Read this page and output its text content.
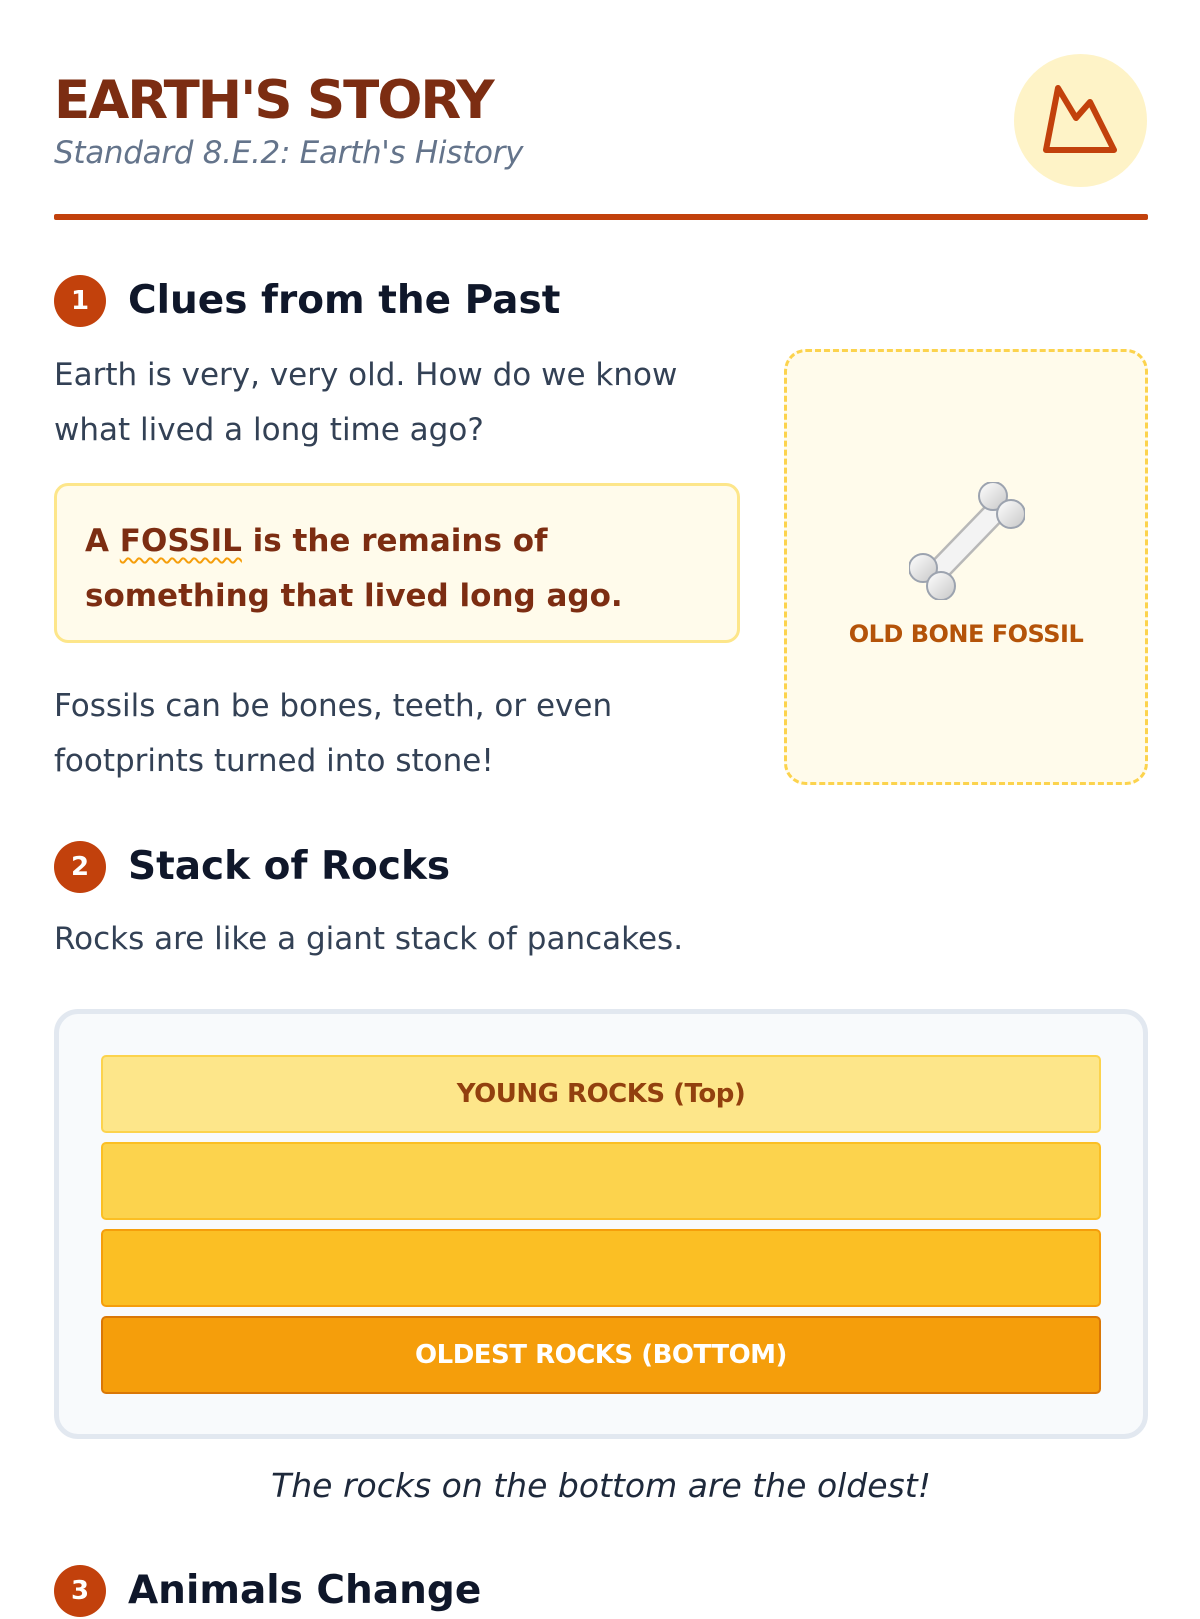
EARTH'S STORY

Standard 8.E.2: Earth's History

1 Clues from the Past

Earth is very, very old. How do we know what lived a long time ago?

A FOSSIL is the remains of something that lived long ago.

Fossils can be bones, teeth, or even footprints turned into stone!

OLD BONE FOSSIL
2 Stack of Rocks

Rocks are like a giant stack of pancakes.

YOUNG ROCKS (Top)
OLDEST ROCKS (BOTTOM)

The rocks on the bottom are the oldest!

3 Animals Change
